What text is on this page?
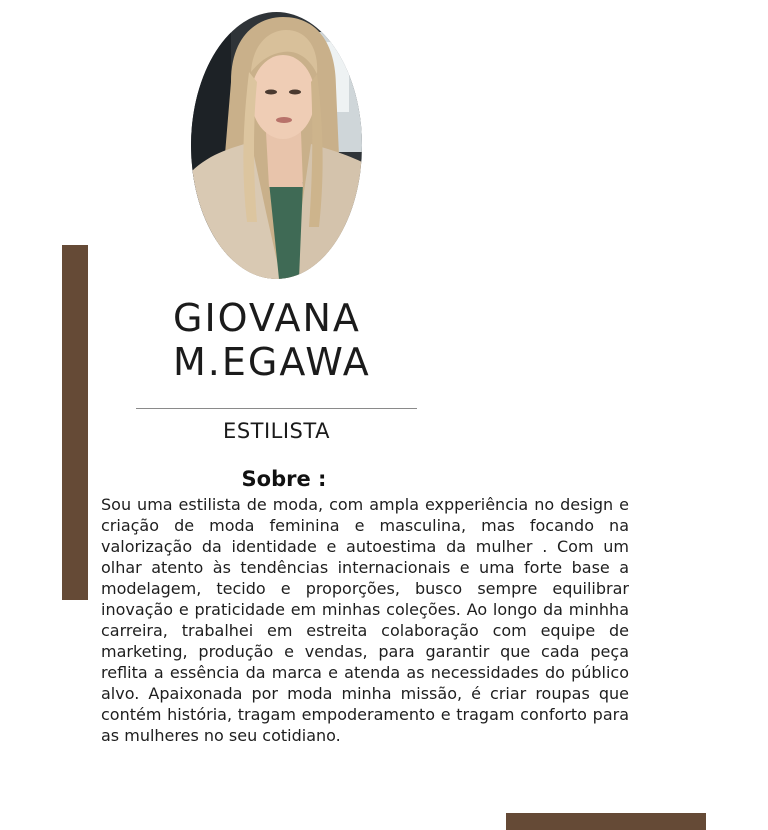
GIOVANA
M.EGAWA
ESTILISTA
Sobre :

Sou uma estilista de moda, com ampla expperiência no design e criação de moda feminina e masculina, mas focando na valorização da identidade e autoestima da mulher . Com um olhar atento às tendências internacionais e uma forte base a modelagem, tecido e proporções, busco sempre equilibrar inovação e praticidade em minhas coleções. Ao longo da minhha carreira, trabalhei em estreita colaboração com equipe de marketing, produção e vendas, para garantir que cada peça reflita a essência da marca e atenda as necessidades do público alvo. Apaixonada por moda minha missão, é criar roupas que contém história, tragam empoderamento e tragam conforto para as mulheres no seu cotidiano.
